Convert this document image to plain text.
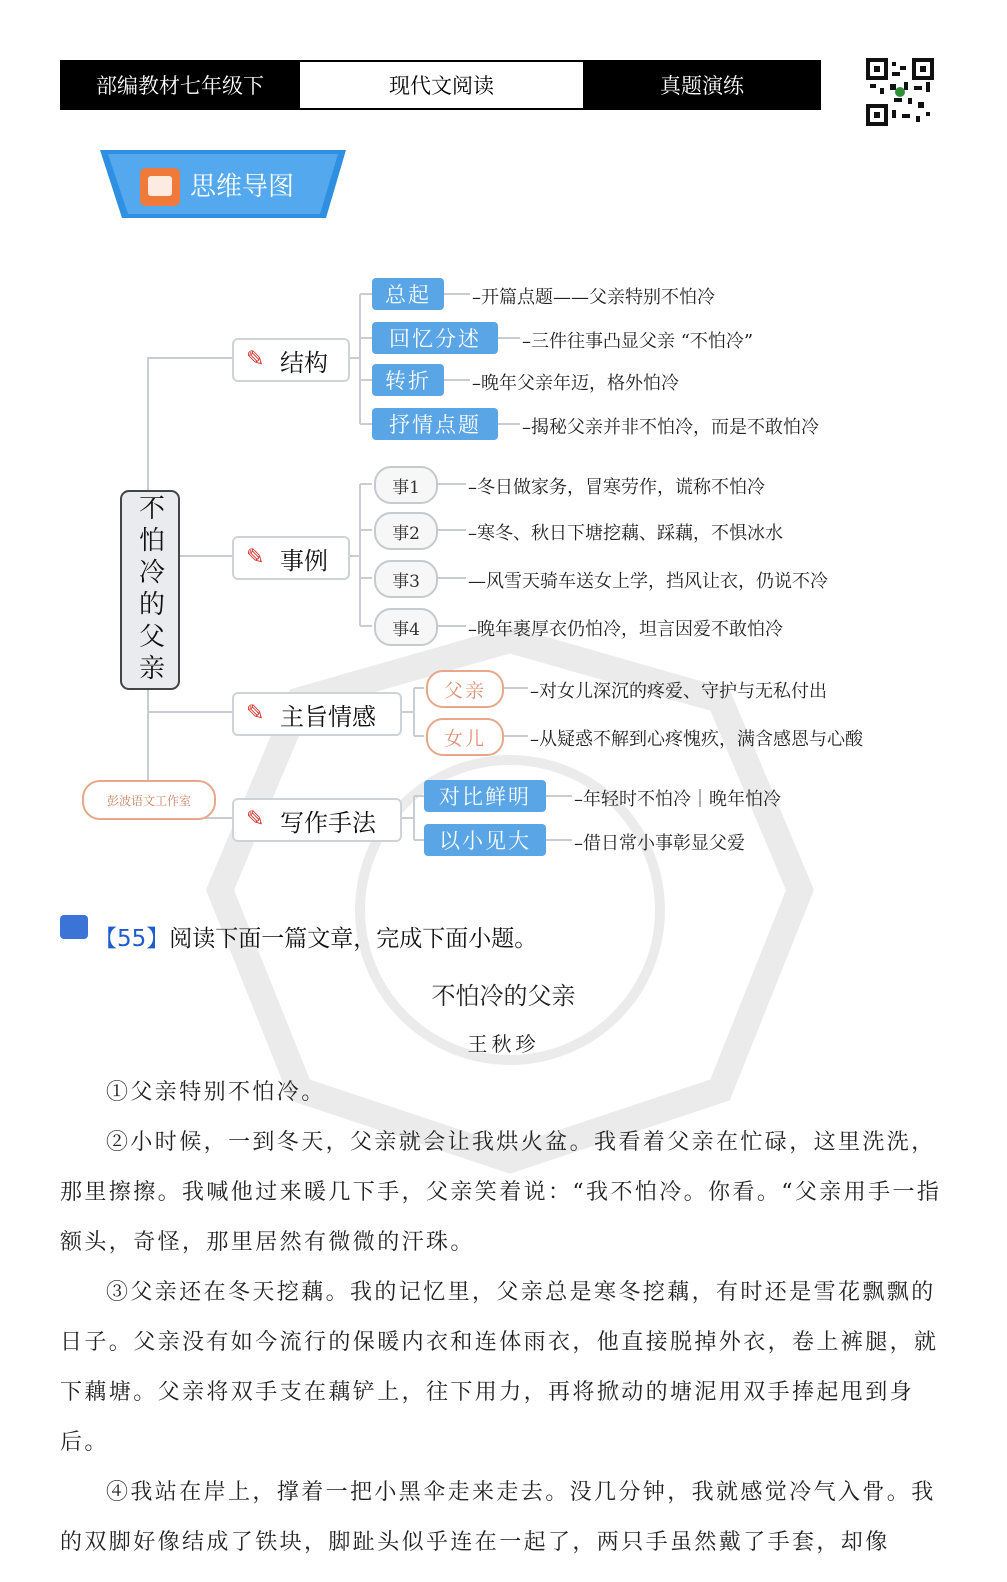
部编教材七年级下	现代文阅读	真题演练
思维导图
不怕冷的父亲
彭波语文工作室
✎ 结构
总起	–开篇点题——父亲特别不怕冷
回忆分述	–三件往事凸显父亲 “不怕冷”
转折	–晚年父亲年迈，格外怕冷
抒情点题	–揭秘父亲并非不怕冷，而是不敢怕冷
✎ 事例
事1	–冬日做家务，冒寒劳作，谎称不怕冷
事2	–寒冬、秋日下塘挖藕、踩藕，不惧冰水
事3	—风雪天骑车送女上学，挡风让衣，仍说不冷
事4	–晚年裹厚衣仍怕冷，坦言因爱不敢怕冷
✎ 主旨情感
父亲	–对女儿深沉的疼爱、守护与无私付出
女儿	–从疑惑不解到心疼愧疚，满含感恩与心酸
✎ 写作手法
对比鲜明	–年轻时不怕冷｜晚年怕冷
以小见大	–借日常小事彰显父爱
【55】阅读下面一篇文章，完成下面小题。
不怕冷的父亲
王秋珍

①父亲特别不怕冷。

②小时候，一到冬天，父亲就会让我烘火盆。我看着父亲在忙碌，这里洗洗，那里擦擦。我喊他过来暖几下手，父亲笑着说：“我不怕冷。你看。“父亲用手一指额头，奇怪，那里居然有微微的汗珠。

③父亲还在冬天挖藕。我的记忆里，父亲总是寒冬挖藕，有时还是雪花飘飘的日子。父亲没有如今流行的保暖内衣和连体雨衣，他直接脱掉外衣，卷上裤腿，就下藕塘。父亲将双手支在藕铲上，往下用力，再将掀动的塘泥用双手捧起甩到身后。

④我站在岸上，撑着一把小黑伞走来走去。没几分钟，我就感觉冷气入骨。我的双脚好像结成了铁块，脚趾头似乎连在一起了，两只手虽然戴了手套，却像
